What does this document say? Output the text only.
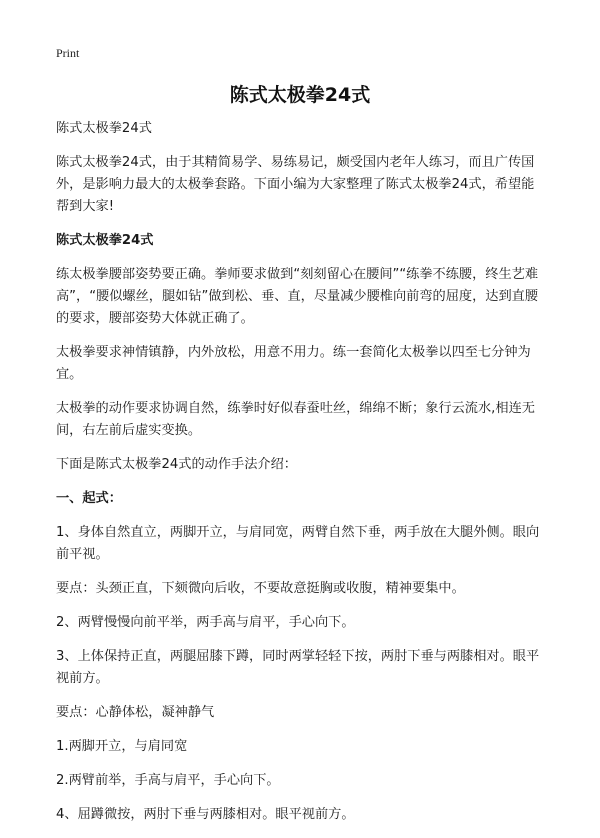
Print
陈式太极拳24式

陈式太极拳24式

陈式太极拳24式，由于其精简易学、易练易记，颇受国内老年人练习，而且广传国外，是影响力最大的太极拳套路。下面小编为大家整理了陈式太极拳24式，希望能帮到大家!

陈式太极拳24式

练太极拳腰部姿势要正确。拳师要求做到“刻刻留心在腰间”“练拳不练腰，终生艺难高”，“腰似螺丝，腿如钻”做到松、垂、直，尽量减少腰椎向前弯的屈度，达到直腰的要求，腰部姿势大体就正确了。

太极拳要求神情镇静，内外放松，用意不用力。练一套简化太极拳以四至七分钟为宜。

太极拳的动作要求协调自然，练拳时好似春蚕吐丝，绵绵不断；象行云流水,相连无间，右左前后虚实变换。

下面是陈式太极拳24式的动作手法介绍：

一、起式：

1、身体自然直立，两脚开立，与肩同宽，两臂自然下垂，两手放在大腿外侧。眼向前平视。

要点：头颈正直，下颏微向后收，不要故意挺胸或收腹，精神要集中。

2、两臂慢慢向前平举，两手高与肩平，手心向下。

3、上体保持正直，两腿屈膝下蹲，同时两掌轻轻下按，两肘下垂与两膝相对。眼平视前方。

要点：心静体松，凝神静气

1.两脚开立，与肩同宽

2.两臂前举，手高与肩平，手心向下。

4、屈蹲微按，两肘下垂与两膝相对。眼平视前方。
